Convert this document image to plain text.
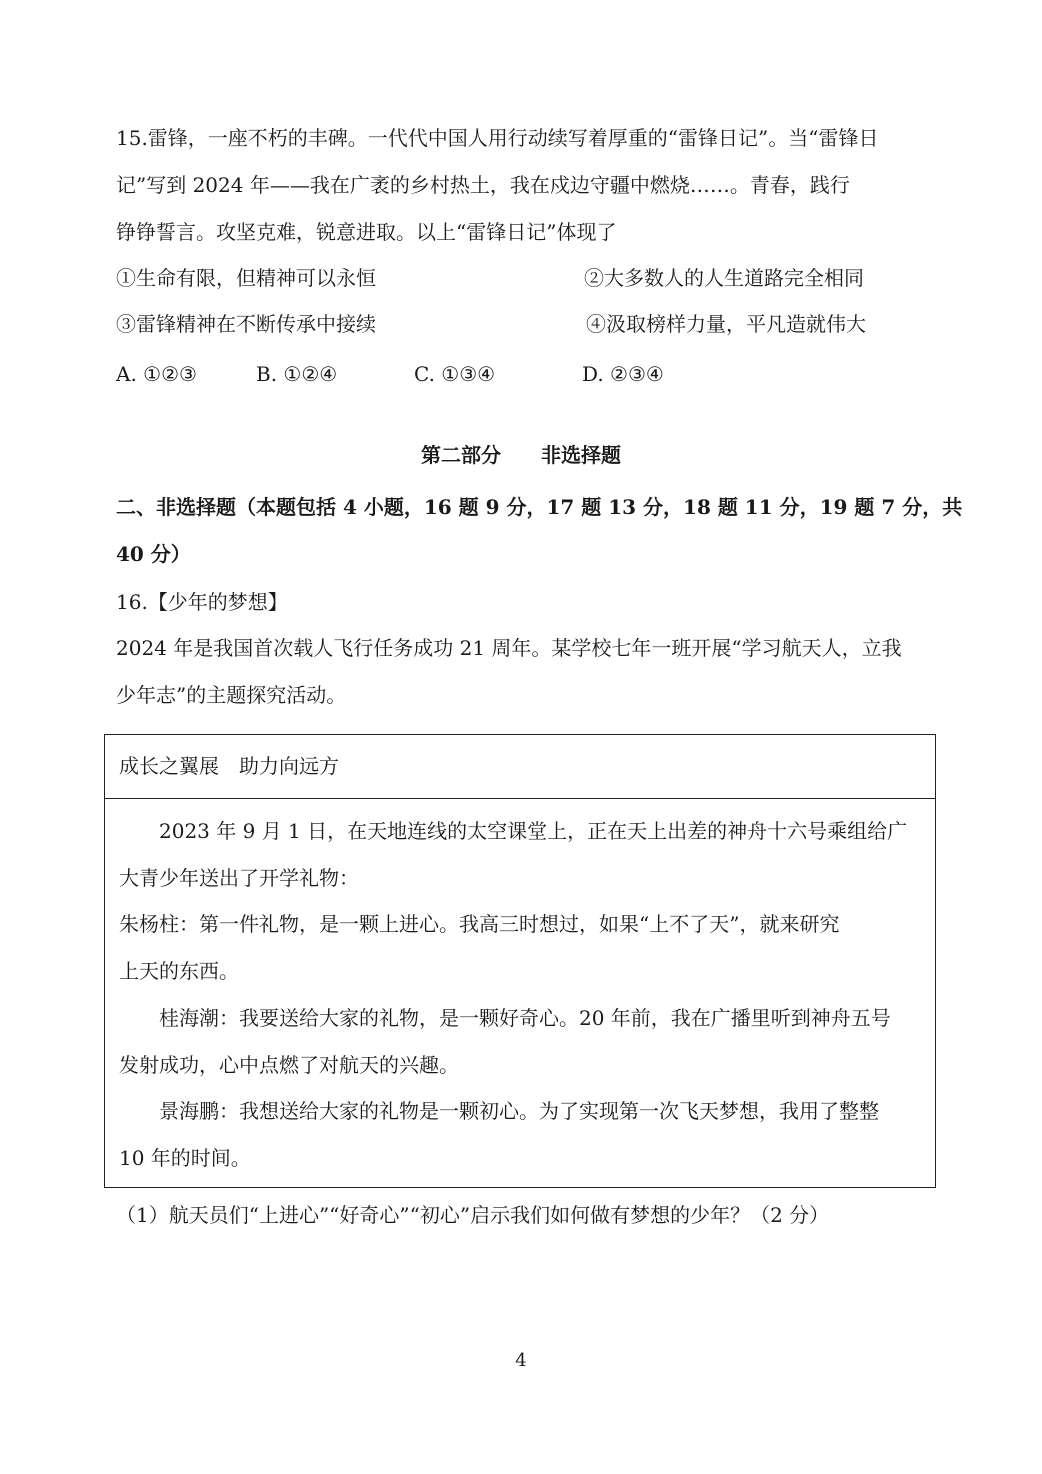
15.雷锋，一座不朽的丰碑。一代代中国人用行动续写着厚重的“雷锋日记”。当“雷锋日
记”写到 2024 年——我在广袤的乡村热土，我在戍边守疆中燃烧……。青春，践行
铮铮誓言。攻坚克难，锐意进取。以上“雷锋日记”体现了
①生命有限，但精神可以永恒	②大多数人的人生道路完全相同
③雷锋精神在不断传承中接续	④汲取榜样力量，平凡造就伟大
A. ①②③	B. ①②④	C. ①③④	D. ②③④
第二部分　　非选择题
二、非选择题（本题包括 4 小题，16 题 9 分，17 题 13 分，18 题 11 分，19 题 7 分，共
40 分）
16.【少年的梦想】
2024 年是我国首次载人飞行任务成功 21 周年。某学校七年一班开展“学习航天人，立我
少年志”的主题探究活动。
成长之翼展　助力向远方
2023 年 9 月 1 日，在天地连线的太空课堂上，正在天上出差的神舟十六号乘组给广
大青少年送出了开学礼物：
朱杨柱：第一件礼物，是一颗上进心。我高三时想过，如果“上不了天”，就来研究
上天的东西。
桂海潮：我要送给大家的礼物，是一颗好奇心。20 年前，我在广播里听到神舟五号
发射成功，心中点燃了对航天的兴趣。
景海鹏：我想送给大家的礼物是一颗初心。为了实现第一次飞天梦想，我用了整整
10 年的时间。
（1）航天员们“上进心”“好奇心”“初心”启示我们如何做有梦想的少年？（2 分）
4
